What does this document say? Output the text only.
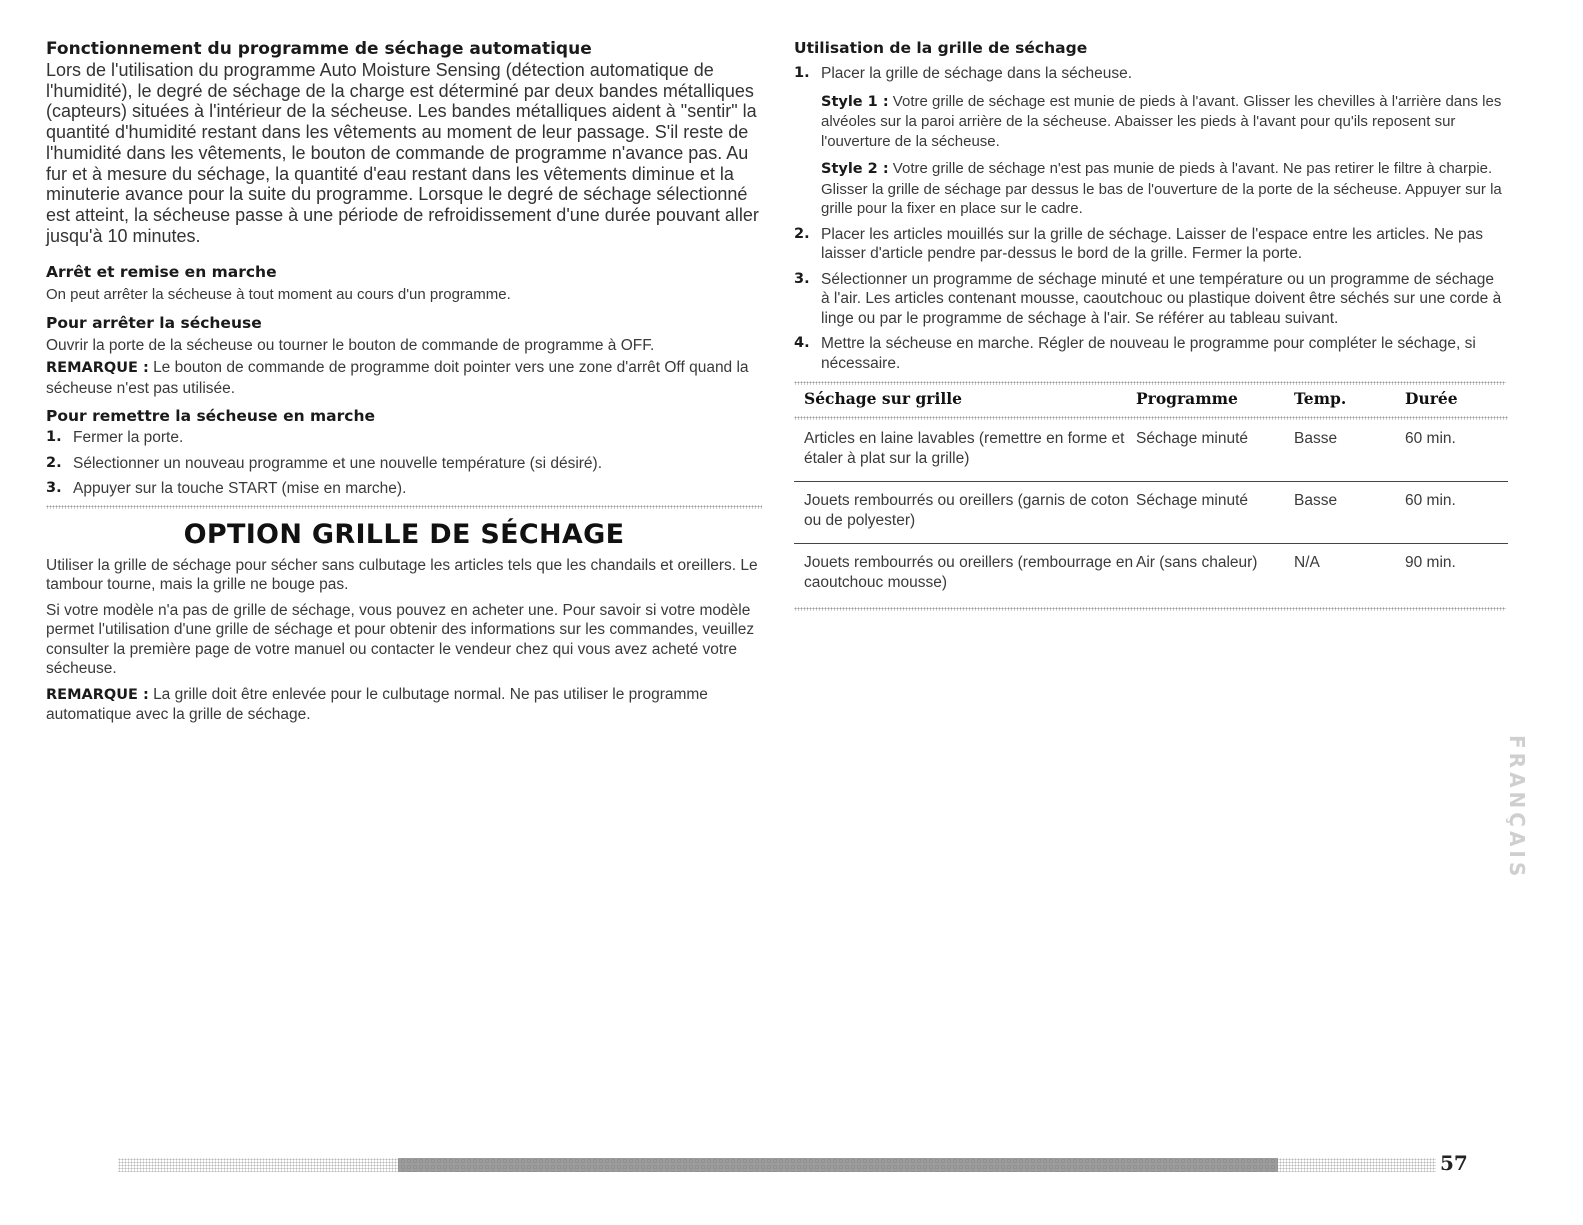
Fonctionnement du programme de séchage automatique

Lors de l'utilisation du programme Auto Moisture Sensing (détection automatique de l'humidité), le degré de séchage de la charge est déterminé par deux bandes métalliques (capteurs) situées à l'intérieur de la sécheuse. Les bandes métalliques aident à "sentir" la quantité d'humidité restant dans les vêtements au moment de leur passage. S'il reste de l'humidité dans les vêtements, le bouton de commande de programme n'avance pas. Au fur et à mesure du séchage, la quantité d'eau restant dans les vêtements diminue et la minuterie avance pour la suite du programme. Lorsque le degré de séchage sélectionné est atteint, la sécheuse passe à une période de refroidissement d'une durée pouvant aller jusqu'à 10 minutes.

Arrêt et remise en marche

On peut arrêter la sécheuse à tout moment au cours d'un programme.

Pour arrêter la sécheuse

Ouvrir la porte de la sécheuse ou tourner le bouton de commande de programme à OFF.

REMARQUE : Le bouton de commande de programme doit pointer vers une zone d'arrêt Off quand la sécheuse n'est pas utilisée.

Pour remettre la sécheuse en marche
1. Fermer la porte.
2. Sélectionner un nouveau programme et une nouvelle température (si désiré).
3. Appuyer sur la touche START (mise en marche).
OPTION GRILLE DE SÉCHAGE

Utiliser la grille de séchage pour sécher sans culbutage les articles tels que les chandails et oreillers. Le tambour tourne, mais la grille ne bouge pas.

Si votre modèle n'a pas de grille de séchage, vous pouvez en acheter une. Pour savoir si votre modèle permet l'utilisation d'une grille de séchage et pour obtenir des informations sur les commandes, veuillez consulter la première page de votre manuel ou contacter le vendeur chez qui vous avez acheté votre sécheuse.

REMARQUE : La grille doit être enlevée pour le culbutage normal. Ne pas utiliser le programme automatique avec la grille de séchage.

Utilisation de la grille de séchage
1. Placer la grille de séchage dans la sécheuse.

Style 1 : Votre grille de séchage est munie de pieds à l'avant. Glisser les chevilles à l'arrière dans les alvéoles sur la paroi arrière de la sécheuse. Abaisser les pieds à l'avant pour qu'ils reposent sur l'ouverture de la sécheuse.

Style 2 : Votre grille de séchage n'est pas munie de pieds à l'avant. Ne pas retirer le filtre à charpie. Glisser la grille de séchage par dessus le bas de l'ouverture de la porte de la sécheuse. Appuyer sur la grille pour la fixer en place sur le cadre.

2. Placer les articles mouillés sur la grille de séchage. Laisser de l'espace entre les articles. Ne pas laisser d'article pendre par-dessus le bord de la grille. Fermer la porte.
3. Sélectionner un programme de séchage minuté et une température ou un programme de séchage à l'air. Les articles contenant mousse, caoutchouc ou plastique doivent être séchés sur une corde à linge ou par le programme de séchage à l'air. Se référer au tableau suivant.
4. Mettre la sécheuse en marche. Régler de nouveau le programme pour compléter le séchage, si nécessaire.
Séchage sur grille	Programme	Temp.	Durée

Articles en laine lavables (remettre en forme et étaler à plat sur la grille)	Séchage minuté	Basse	60 min.
Jouets rembourrés ou oreillers (garnis de coton ou de polyester)	Séchage minuté	Basse	60 min.
Jouets rembourrés ou oreillers (rembourrage en caoutchouc mousse)	Air (sans chaleur)	N/A	90 min.
FRANÇAIS
57
